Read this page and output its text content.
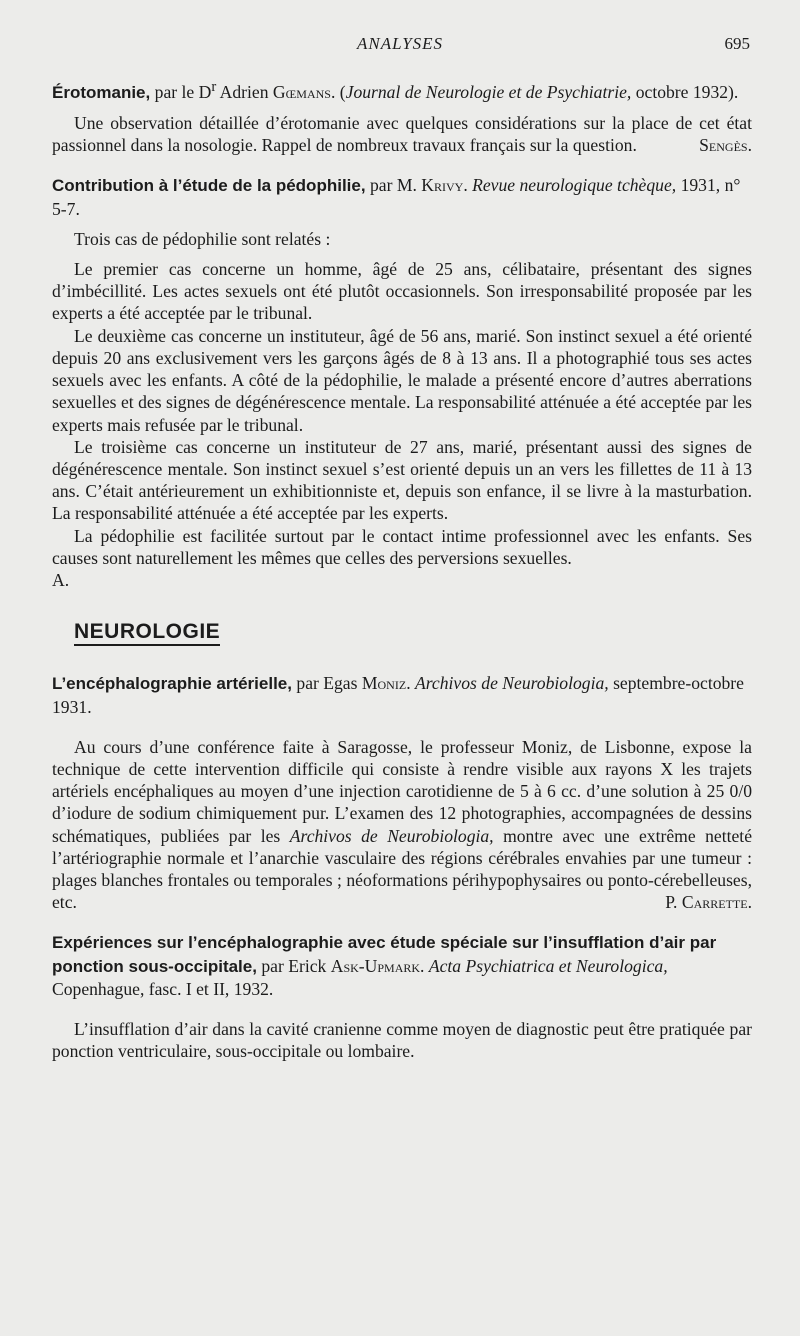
ANALYSES	695
Érotomanie, par le $D^r$ Adrien Gœmans. (Journal de Neurologie et de Psychiatrie, octobre 1932).

Une observation détaillée d’érotomanie avec quelques considérations sur la place de cet état passionnel dans la nosologie. Rappel de nombreux travaux français sur la question.	Sengès.

Contribution à l’étude de la pédophilie, par M. Krivy. Revue neurologique tchèque, 1931, n° 5-7.

Trois cas de pédophilie sont relatés :

Le premier cas concerne un homme, âgé de 25 ans, célibataire, présentant des signes d’imbécillité. Les actes sexuels ont été plutôt occasionnels. Son irresponsabilité proposée par les experts a été acceptée par le tribunal.

Le deuxième cas concerne un instituteur, âgé de 56 ans, marié. Son instinct sexuel a été orienté depuis 20 ans exclusivement vers les garçons âgés de 8 à 13 ans. Il a photographié tous ses actes sexuels avec les enfants. A côté de la pédophilie, le malade a présenté encore d’autres aberrations sexuelles et des signes de dégénérescence mentale. La responsabilité atténuée a été acceptée par les experts mais refusée par le tribunal.

Le troisième cas concerne un instituteur de 27 ans, marié, présentant aussi des signes de dégénérescence mentale. Son instinct sexuel s’est orienté depuis un an vers les fillettes de 11 à 13 ans. C’était antérieurement un exhibitionniste et, depuis son enfance, il se livre à la masturbation. La responsabilité atténuée a été acceptée par les experts.

La pédophilie est facilitée surtout par le contact intime professionnel avec les enfants. Ses causes sont naturellement les mêmes que celles des perversions sexuelles.

A.

NEUROLOGIE
L’encéphalographie artérielle, par Egas Moniz. Archivos de Neurobiologia, septembre-octobre 1931.

Au cours d’une conférence faite à Saragosse, le professeur Moniz, de Lisbonne, expose la technique de cette intervention difficile qui consiste à rendre visible aux rayons X les trajets artériels encéphaliques au moyen d’une injection carotidienne de 5 à 6 cc. d’une solution à 25 0/0 d’iodure de sodium chimiquement pur. L’examen des 12 photographies, accompagnées de dessins schématiques, publiées par les Archivos de Neurobiologia, montre avec une extrême netteté l’artériographie normale et l’anarchie vasculaire des régions cérébrales envahies par une tumeur : plages blanches frontales ou temporales ; néoformations périhypophysaires ou ponto-cérebelleuses, etc.	P. Carrette.

Expériences sur l’encéphalographie avec étude spéciale sur l’insufflation d’air par ponction sous-occipitale, par Erick Ask-Upmark. Acta Psychiatrica et Neurologica, Copenhague, fasc. I et II, 1932.

L’insufflation d’air dans la cavité cranienne comme moyen de diagnostic peut être pratiquée par ponction ventriculaire, sous-occipitale ou lombaire.
